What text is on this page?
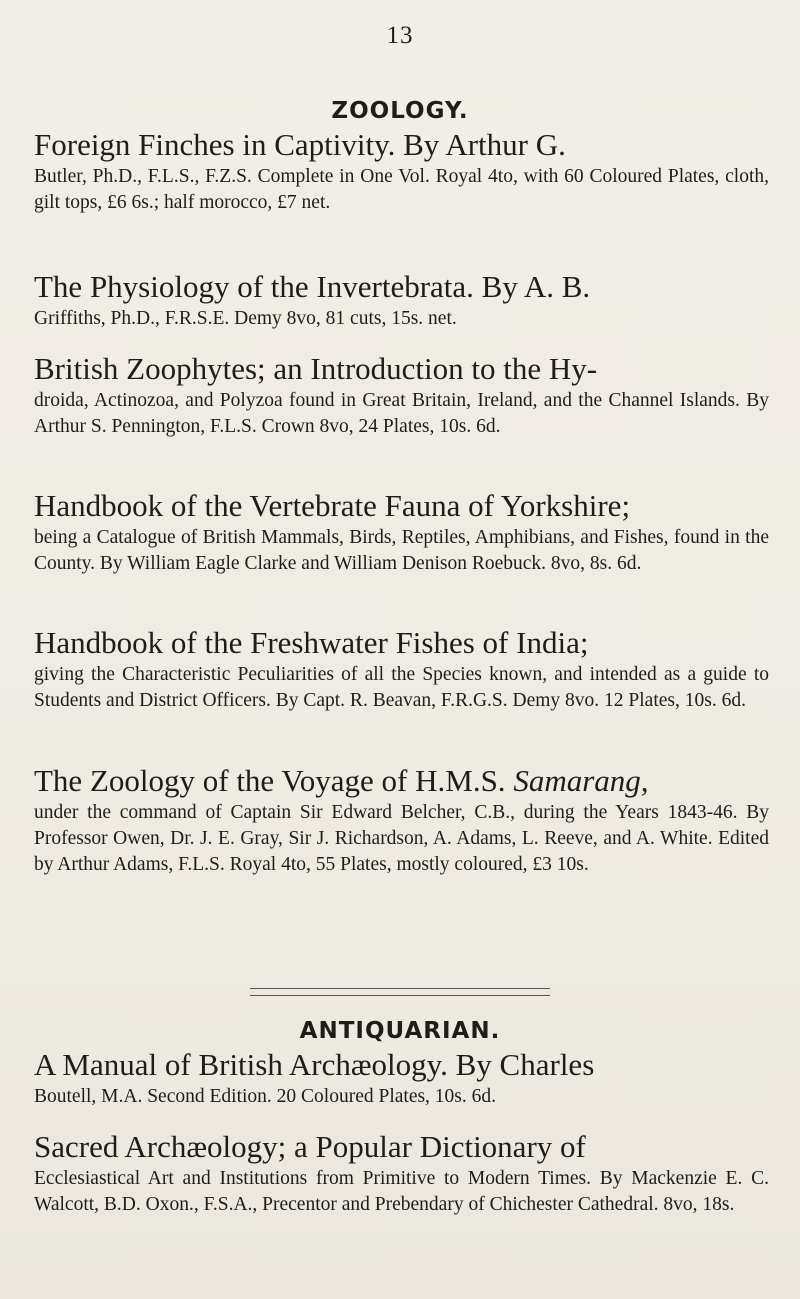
13
ZOOLOGY.
Foreign Finches in Captivity. By Arthur G.
Butler, Ph.D., F.L.S., F.Z.S. Complete in One Vol. Royal 4to, with 60 Coloured Plates, cloth, gilt tops, £6 6s.; half morocco, £7 net.
The Physiology of the Invertebrata. By A. B.
Griffiths, Ph.D., F.R.S.E. Demy 8vo, 81 cuts, 15s. net.
British Zoophytes; an Introduction to the Hy-
droida, Actinozoa, and Polyzoa found in Great Britain, Ireland, and the Channel Islands. By Arthur S. Pennington, F.L.S. Crown 8vo, 24 Plates, 10s. 6d.
Handbook of the Vertebrate Fauna of Yorkshire;
being a Catalogue of British Mammals, Birds, Reptiles, Amphibians, and Fishes, found in the County. By William Eagle Clarke and William Denison Roebuck. 8vo, 8s. 6d.
Handbook of the Freshwater Fishes of India;
giving the Characteristic Peculiarities of all the Species known, and intended as a guide to Students and District Officers. By Capt. R. Beavan, F.R.G.S. Demy 8vo. 12 Plates, 10s. 6d.
The Zoology of the Voyage of H.M.S. Samarang,
under the command of Captain Sir Edward Belcher, C.B., during the Years 1843-46. By Professor Owen, Dr. J. E. Gray, Sir J. Richardson, A. Adams, L. Reeve, and A. White. Edited by Arthur Adams, F.L.S. Royal 4to, 55 Plates, mostly coloured, £3 10s.
ANTIQUARIAN.
A Manual of British Archæology. By Charles
Boutell, M.A. Second Edition. 20 Coloured Plates, 10s. 6d.
Sacred Archæology; a Popular Dictionary of
Ecclesiastical Art and Institutions from Primitive to Modern Times. By Mackenzie E. C. Walcott, B.D. Oxon., F.S.A., Precentor and Prebendary of Chichester Cathedral. 8vo, 18s.
